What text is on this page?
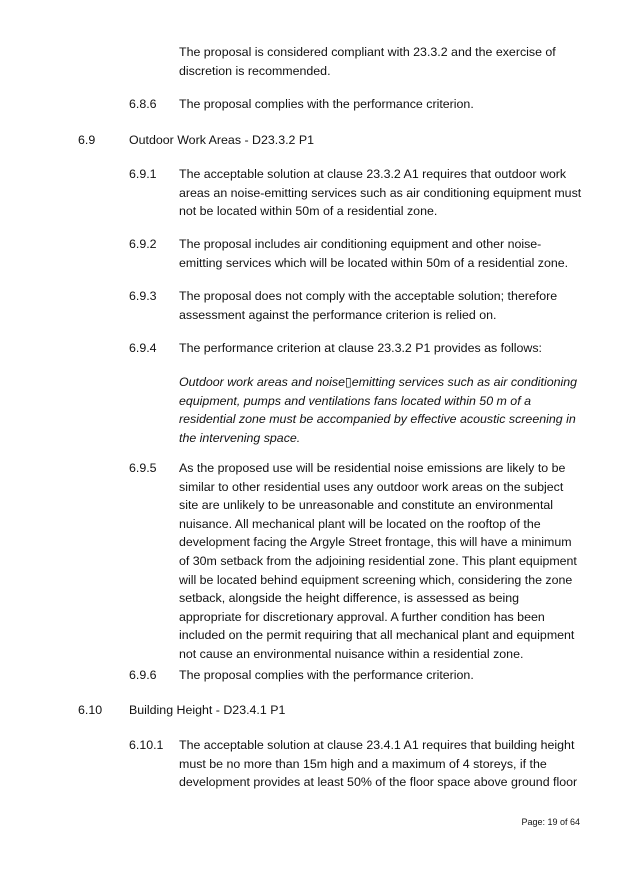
The proposal is considered compliant with 23.3.2 and the exercise of discretion is recommended.

6.8.6 The proposal complies with the performance criterion.
6.9	Outdoor Work Areas - D23.3.2 P1
6.9.1 The acceptable solution at clause 23.3.2 A1 requires that outdoor work areas an noise-emitting services such as air conditioning equipment must not be located within 50m of a residential zone.
6.9.2 The proposal includes air conditioning equipment and other noise-emitting services which will be located within 50m of a residential zone.
6.9.3 The proposal does not comply with the acceptable solution; therefore assessment against the performance criterion is relied on.
6.9.4 The performance criterion at clause 23.3.2 P1 provides as follows:

Outdoor work areas and noise▯emitting services such as air conditioning equipment, pumps and ventilations fans located within 50 m of a residential zone must be accompanied by effective acoustic screening in the intervening space.

6.9.5 As the proposed use will be residential noise emissions are likely to be similar to other residential uses any outdoor work areas on the subject site are unlikely to be unreasonable and constitute an environmental nuisance. All mechanical plant will be located on the rooftop of the development facing the Argyle Street frontage, this will have a minimum of 30m setback from the adjoining residential zone. This plant equipment will be located behind equipment screening which, considering the zone setback, alongside the height difference, is assessed as being appropriate for discretionary approval. A further condition has been included on the permit requiring that all mechanical plant and equipment not cause an environmental nuisance within a residential zone.
6.9.6 The proposal complies with the performance criterion.
6.10 Building Height - D23.4.1 P1
6.10.1 The acceptable solution at clause 23.4.1 A1 requires that building height must be no more than 15m high and a maximum of 4 storeys, if the development provides at least 50% of the floor space above ground floor
Page: 19 of 64
